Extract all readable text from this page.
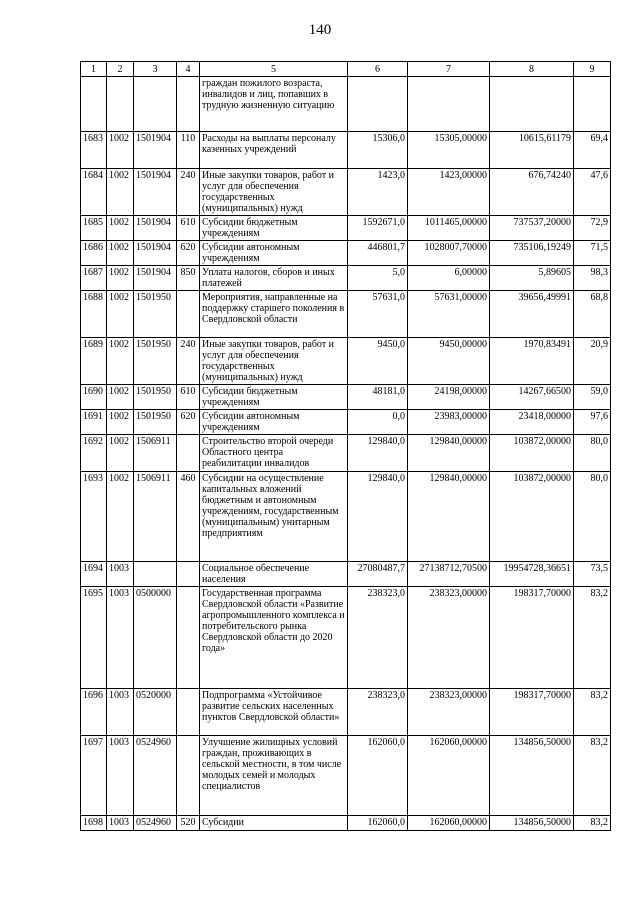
140
1	2	3	4	5	6	7	8	9
				граждан пожилого возраста, инвалидов и лиц, попавших в трудную жизненную ситуацию				
1683	1002	1501904	110	Расходы на выплаты персоналу казенных учреждений	15306,0	15305,00000	10615,61179	69,4
1684	1002	1501904	240	Иные закупки товаров, работ и услуг для обеспечения государственных (муниципальных) нужд	1423,0	1423,00000	676,74240	47,6
1685	1002	1501904	610	Субсидии бюджетным учреждениям	1592671,0	1011465,00000	737537,20000	72,9
1686	1002	1501904	620	Субсидии автономным учреждениям	446801,7	1028007,70000	735106,19249	71,5
1687	1002	1501904	850	Уплата налогов, сборов и иных платежей	5,0	6,00000	5,89605	98,3
1688	1002	1501950		Мероприятия, направленные на поддержку старшего поколения в Свердловской области	57631,0	57631,00000	39656,49991	68,8
1689	1002	1501950	240	Иные закупки товаров, работ и услуг для обеспечения государственных (муниципальных) нужд	9450,0	9450,00000	1970,83491	20,9
1690	1002	1501950	610	Субсидии бюджетным учреждениям	48181,0	24198,00000	14267,66500	59,0
1691	1002	1501950	620	Субсидии автономным учреждениям	0,0	23983,00000	23418,00000	97,6
1692	1002	1506911		Строительство второй очереди Областного центра реабилитации инвалидов	129840,0	129840,00000	103872,00000	80,0
1693	1002	1506911	460	Субсидии на осуществление капитальных вложений бюджетным и автономным учреждениям, государственным (муниципальным) унитарным предприятиям	129840,0	129840,00000	103872,00000	80,0
1694	1003			Социальное обеспечение населения	27080487,7	27138712,70500	19954728,36651	73,5
1695	1003	0500000		Государственная программа Свердловской области «Развитие агропромышленного комплекса и потребительского рынка Свердловской области до 2020 года»	238323,0	238323,00000	198317,70000	83,2
1696	1003	0520000		Подпрограмма «Устойчивое развитие сельских населенных пунктов Свердловской области»	238323,0	238323,00000	198317,70000	83,2
1697	1003	0524960		Улучшение жилищных условий граждан, проживающих в сельской местности, в том числе молодых семей и молодых специалистов	162060,0	162060,00000	134856,50000	83,2
1698	1003	0524960	520	Субсидии	162060,0	162060,00000	134856,50000	83,2
